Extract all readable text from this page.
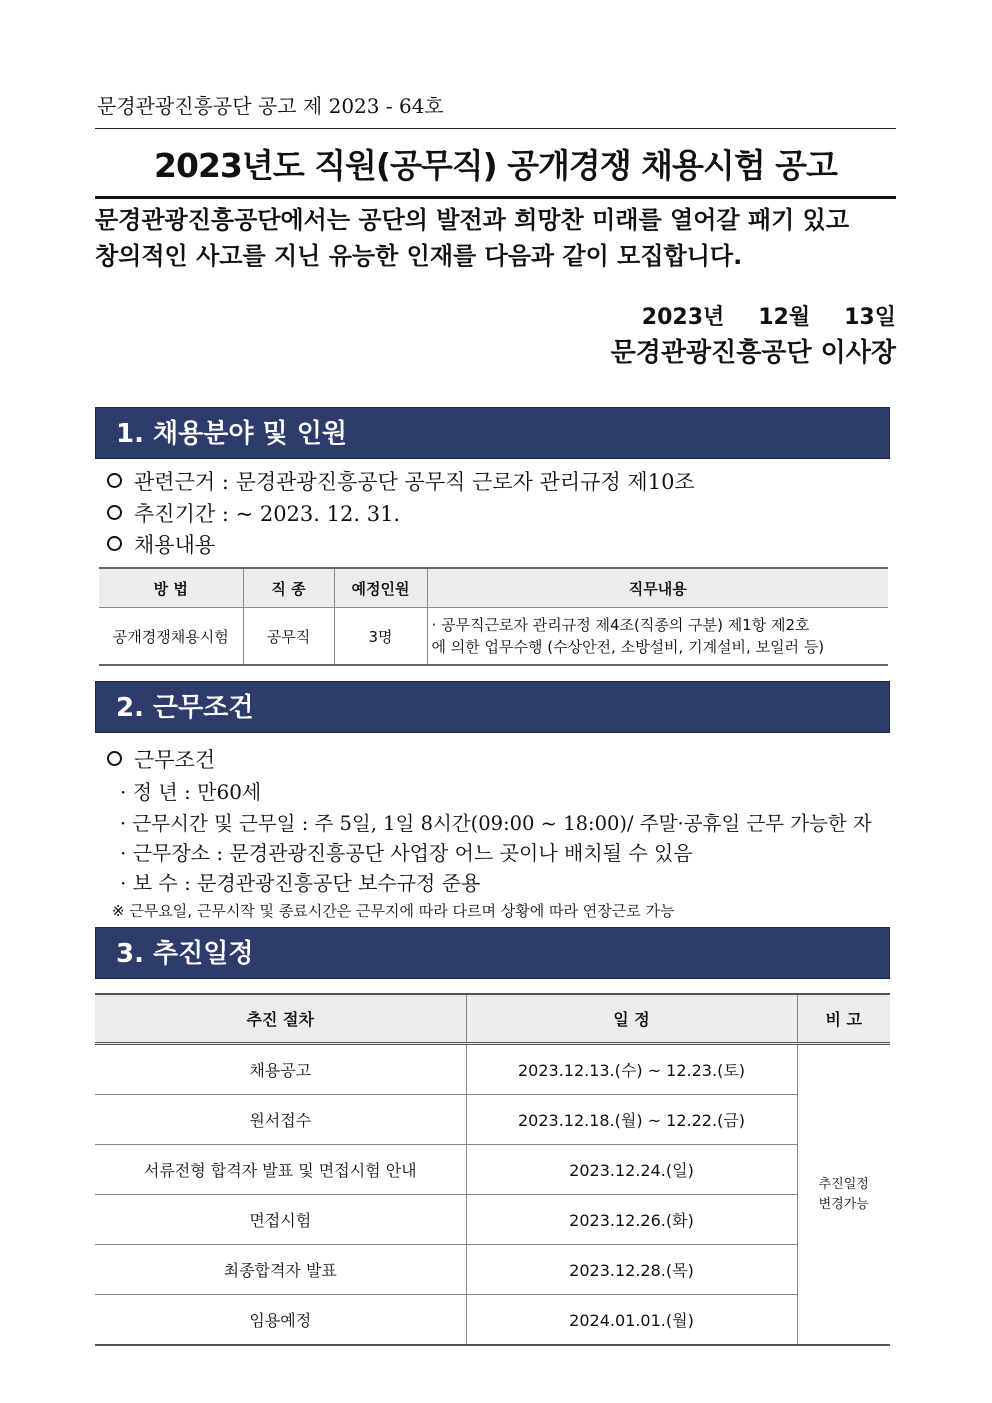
문경관광진흥공단 공고 제 2023 - 64호
2023년도 직원(공무직) 공개경쟁 채용시험 공고
문경관광진흥공단에서는 공단의 발전과 희망찬 미래를 열어갈 패기 있고
창의적인 사고를 지닌 유능한 인재를 다음과 같이 모집합니다.
2023년 12월 13일
문경관광진흥공단 이사장
1. 채용분야 및 인원
관련근거 : 문경관광진흥공단 공무직 근로자 관리규정 제10조
추진기간 : ~ 2023. 12. 31.
채용내용
방 법	직 종	예정인원	직무내용
공개경쟁채용시험	공무직	3명	· 공무직근로자 관리규정 제4조(직종의 구분) 제1항 제2호
에 의한 업무수행 (수상안전, 소방설비, 기계설비, 보일러 등)
2. 근무조건
근무조건
· 정 년 : 만60세
· 근무시간 및 근무일 : 주 5일, 1일 8시간(09:00 ~ 18:00)/ 주말·공휴일 근무 가능한 자
· 근무장소 : 문경관광진흥공단 사업장 어느 곳이나 배치될 수 있음
· 보 수 : 문경관광진흥공단 보수규정 준용
※ 근무요일, 근무시작 및 종료시간은 근무지에 따라 다르며 상황에 따라 연장근로 가능
3. 추진일정
추진 절차	일 정	비 고
채용공고	2023.12.13.(수) ~ 12.23.(토)	추진일정
변경가능

원서접수	2023.12.18.(월) ~ 12.22.(금)	
서류전형 합격자 발표 및 면접시험 안내	2023.12.24.(일)	
면접시험	2023.12.26.(화)	
최종합격자 발표	2023.12.28.(목)	
임용예정	2024.01.01.(월)	
